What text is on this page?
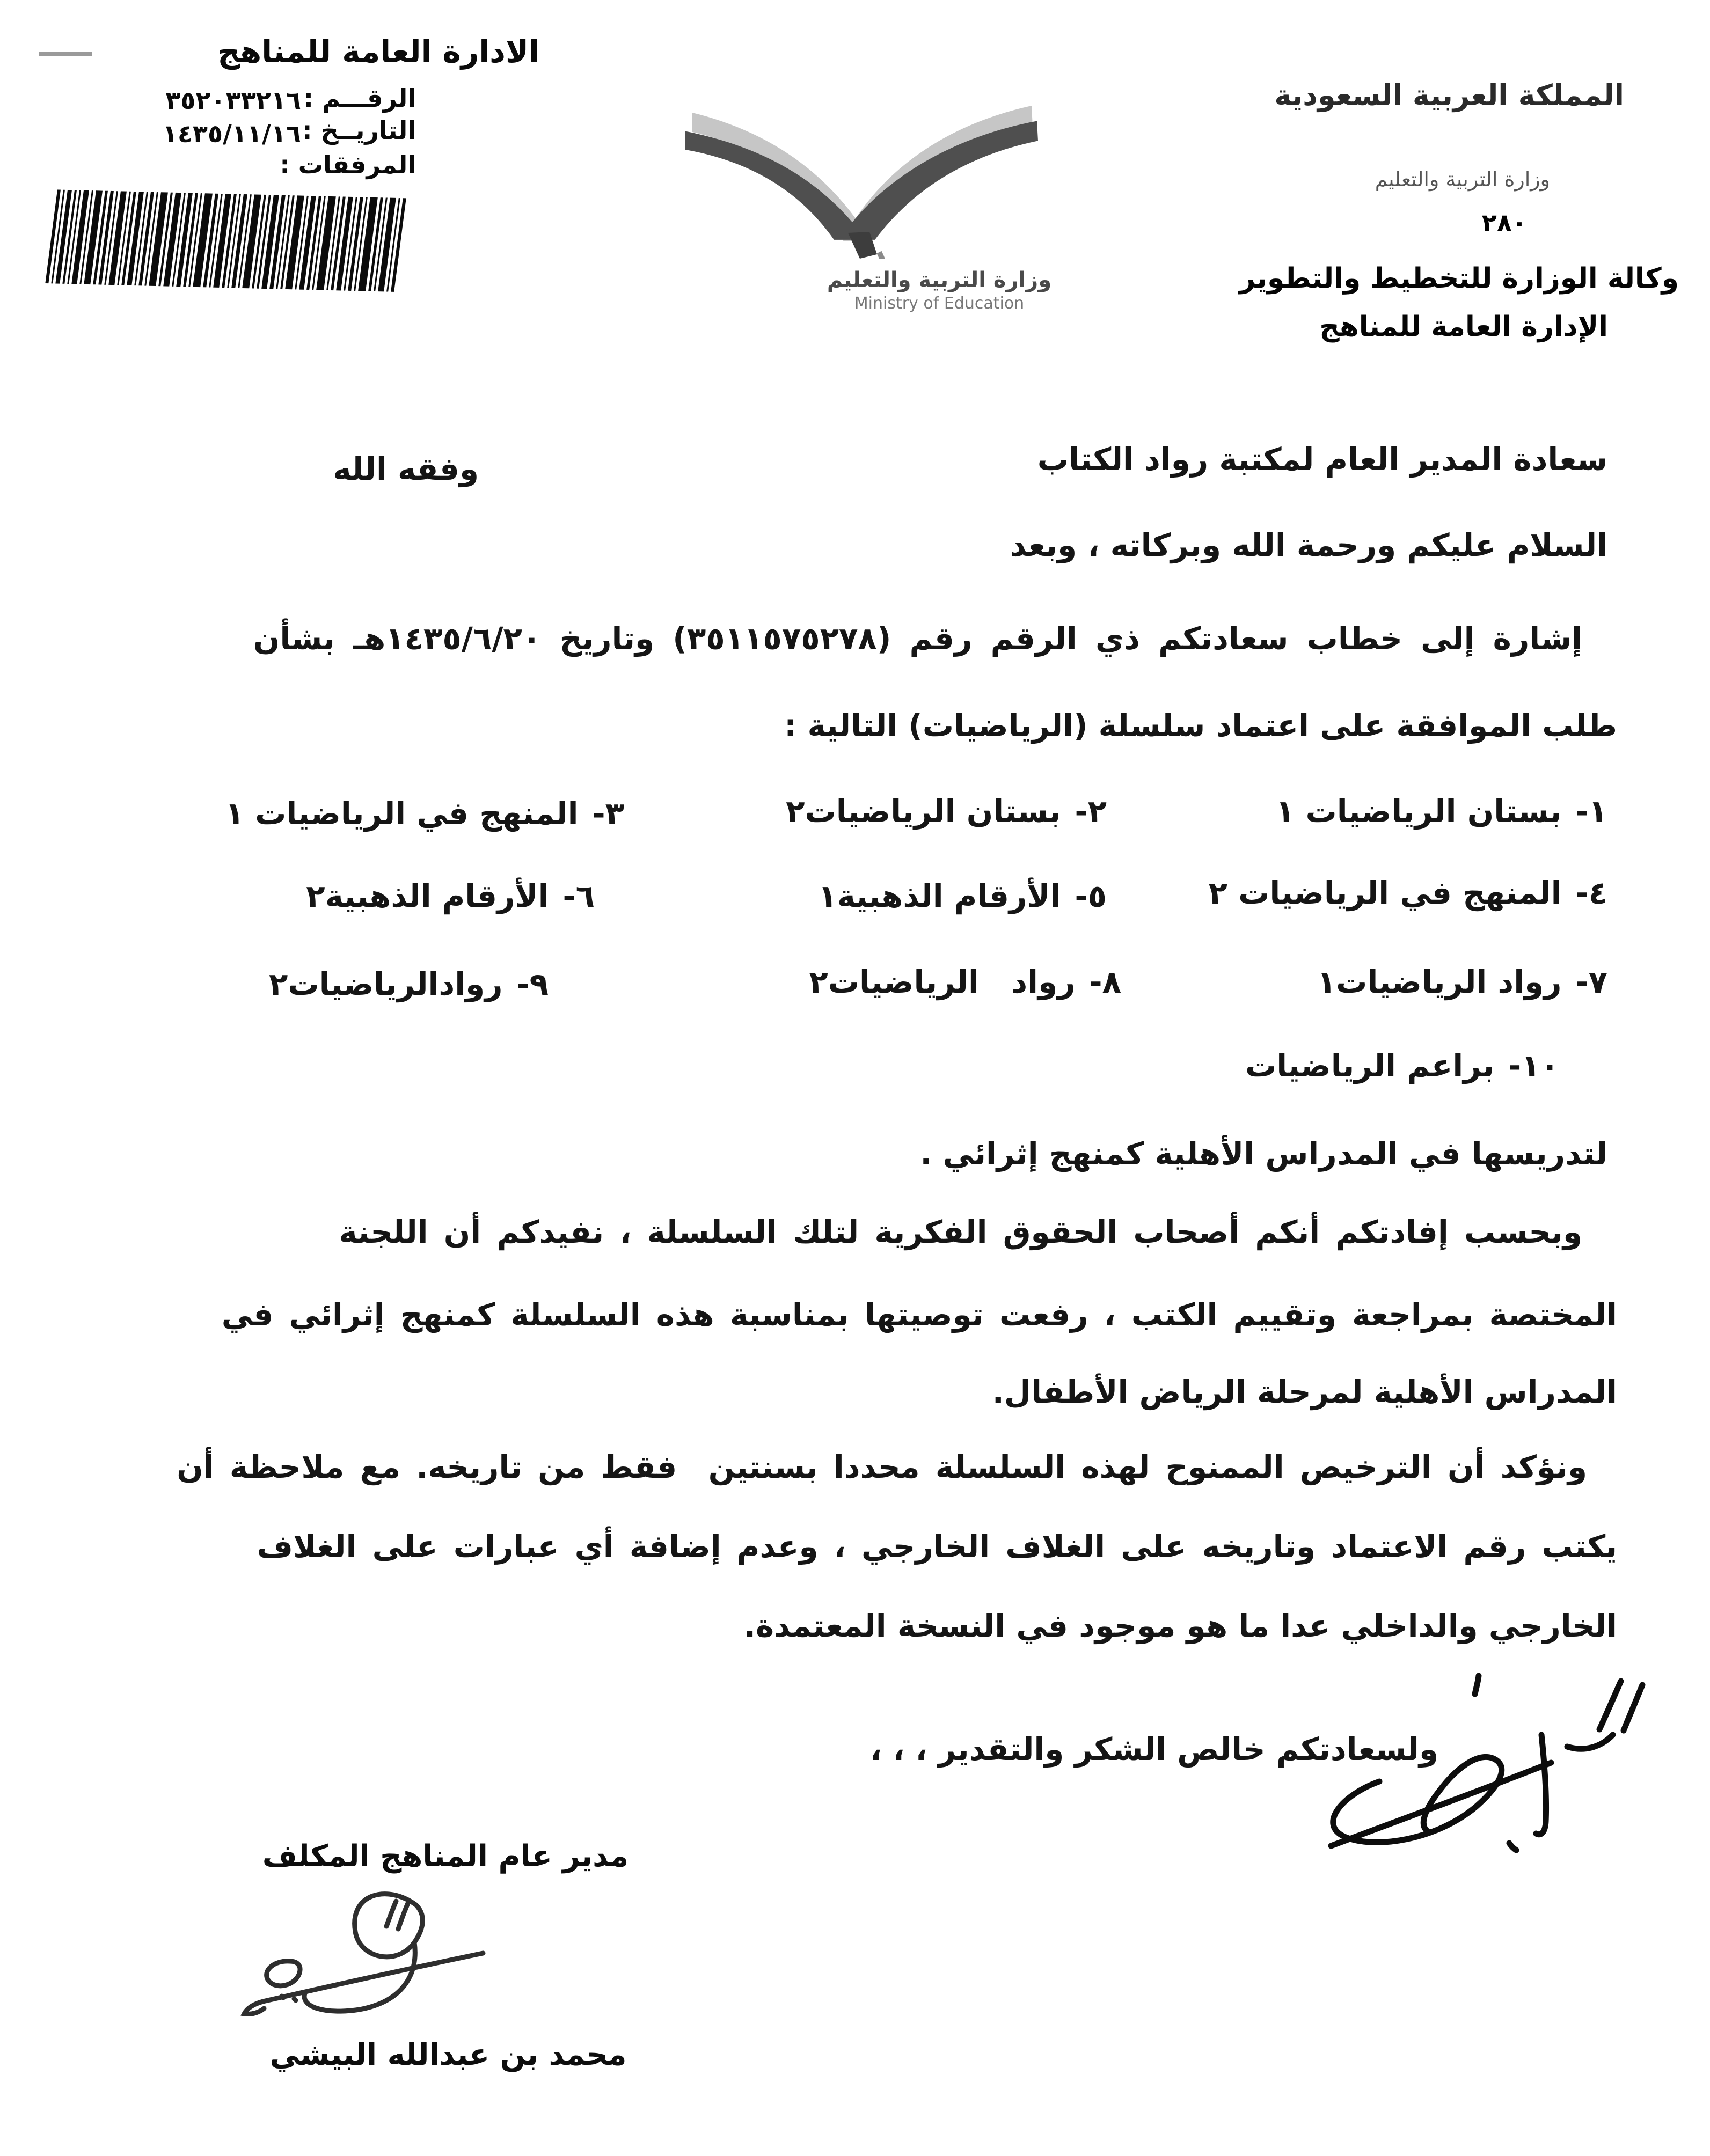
الادارة العامة للمناهج
الرقـــم :
٣٥٢٠٣٣٢١٦
التاريــخ :
١٤٣٥/١١/١٦
المرفقات :
وزارة التربية والتعليم
Ministry of Education
المملكة العربية السعودية
وزارة التربية والتعليم
٢٨٠
وكالة الوزارة للتخطيط والتطوير
الإدارة العامة للمناهج
سعادة المدير العام لمكتبة رواد الكتاب
وفقه الله
السلام عليكم ورحمة الله وبركاته ، وبعد
إشارة إلى خطاب سعادتكم ذي الرقم رقم (٣٥١١٥٧٥٢٧٨) وتاريخ ١٤٣٥/٦/٢٠هـ بشأن
طلب الموافقة على اعتماد سلسلة (الرياضيات) التالية :
١-بستان الرياضيات ١
٢-بستان الرياضيات٢
٣-المنهج في الرياضيات ١
٤-المنهج في الرياضيات ٢
٥-الأرقام الذهبية١
٦-الأرقام الذهبية٢
٧-رواد الرياضيات١
٨-رواد   الرياضيات٢
٩-روادالرياضيات٢
١٠-براعم الرياضيات
لتدريسها في المدراس الأهلية كمنهج إثرائي .
وبحسب إفادتكم أنكم أصحاب الحقوق الفكرية لتلك السلسلة ، نفيدكم أن اللجنة
المختصة بمراجعة وتقييم الكتب ، رفعت توصيتها بمناسبة هذه السلسلة كمنهج إثرائي في
المدراس الأهلية لمرحلة الرياض الأطفال.
ونؤكد أن الترخيص الممنوح لهذه السلسلة محددا بسنتين  فقط من تاريخه. مع ملاحظة أن
يكتب رقم الاعتماد وتاريخه على الغلاف الخارجي ، وعدم إضافة أي عبارات على الغلاف
الخارجي والداخلي عدا ما هو موجود في النسخة المعتمدة.
ولسعادتكم خالص الشكر والتقدير ، ، ،
مدير عام المناهج المكلف
محمد بن عبدالله البيشي
